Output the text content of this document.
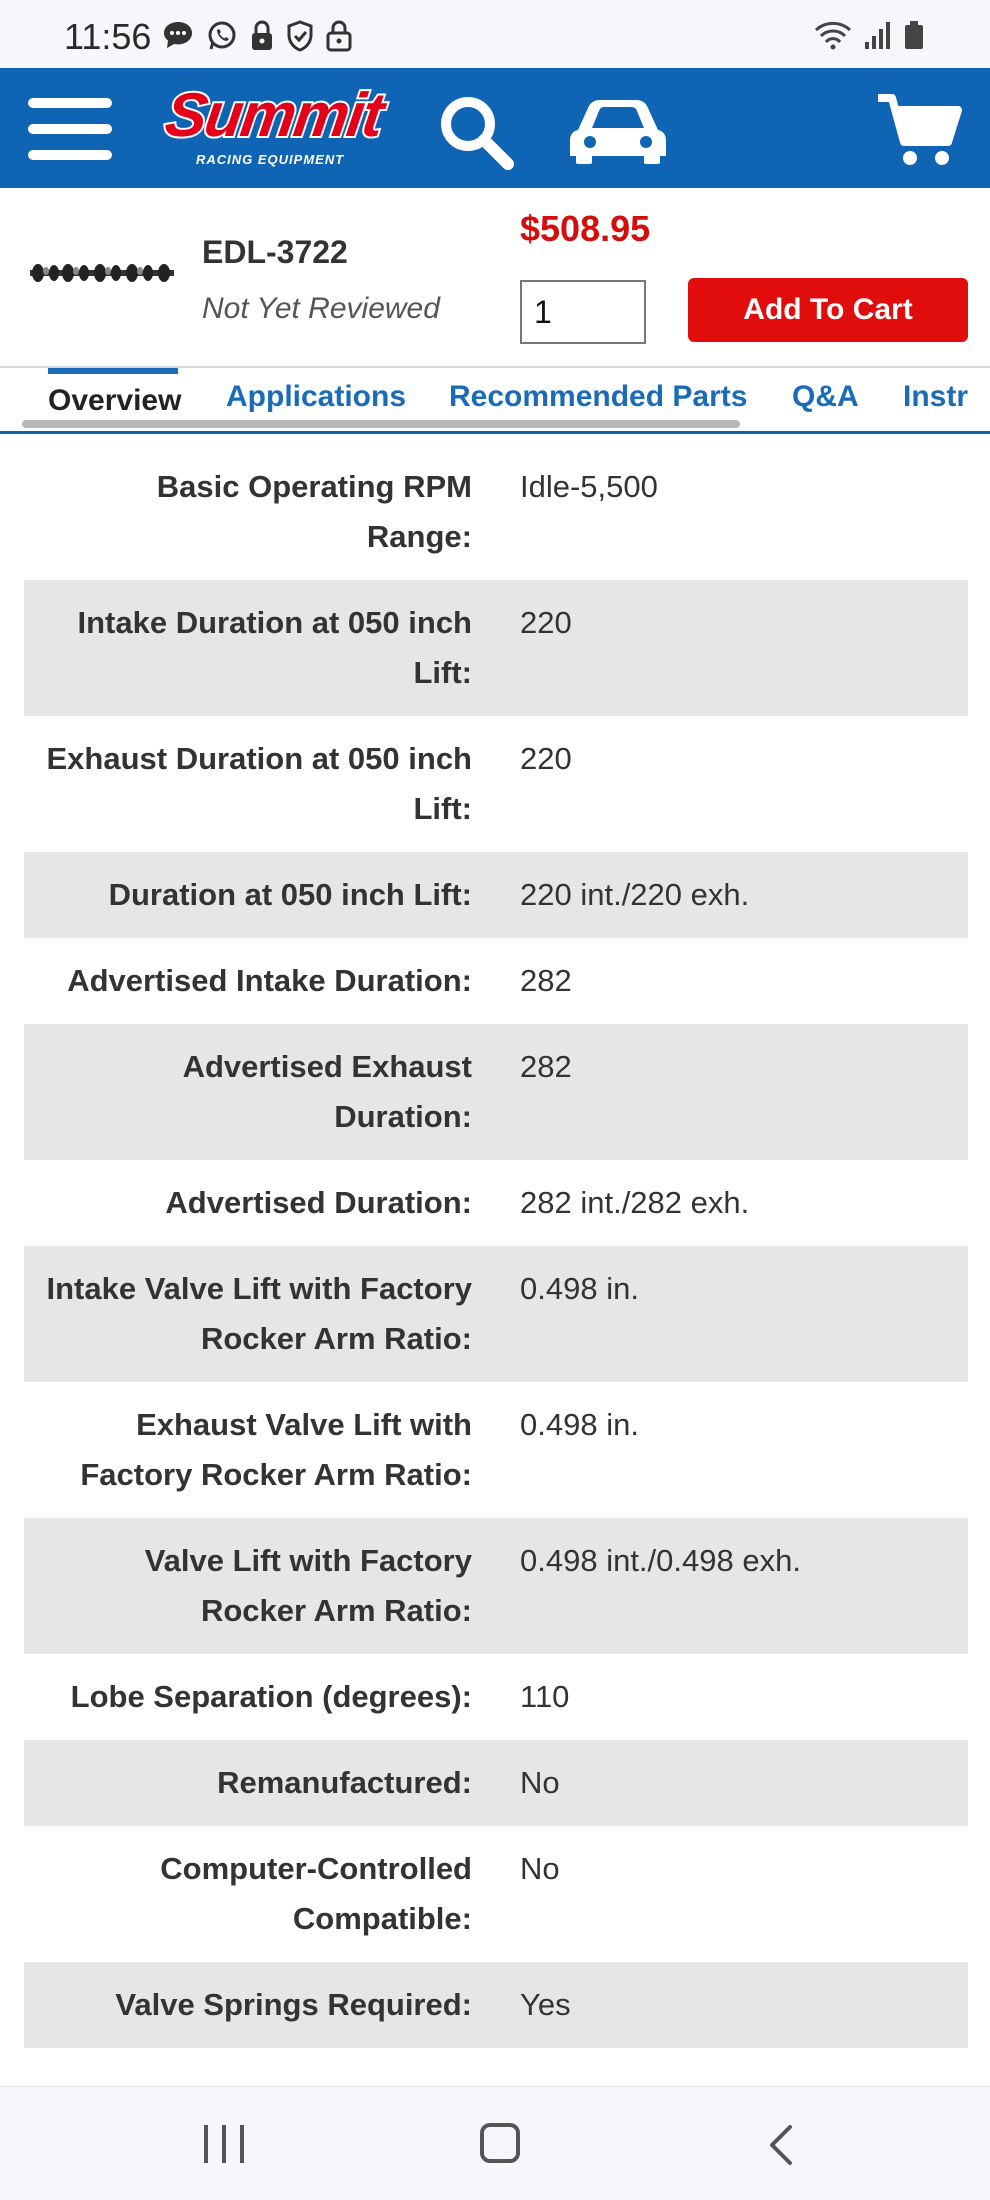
11:56
Summit
RACING EQUIPMENT
EDL-3722
Not Yet Reviewed
$508.95
1
Add To Cart
Overview Applications Recommended Parts Q&A Instr
Basic Operating RPM Range:
Idle-5,500
Intake Duration at 050 inch Lift:
220
Exhaust Duration at 050 inch Lift:
220
Duration at 050 inch Lift:	220 int./220 exh.
Advertised Intake Duration:	282
Advertised Exhaust Duration:
282
Advertised Duration:	282 int./282 exh.
Intake Valve Lift with Factory Rocker Arm Ratio:
0.498 in.
Exhaust Valve Lift with Factory Rocker Arm Ratio:
0.498 in.
Valve Lift with Factory Rocker Arm Ratio:
0.498 int./0.498 exh.
Lobe Separation (degrees):	110
Remanufactured:	No
Computer-Controlled Compatible:
No
Valve Springs Required:	Yes
